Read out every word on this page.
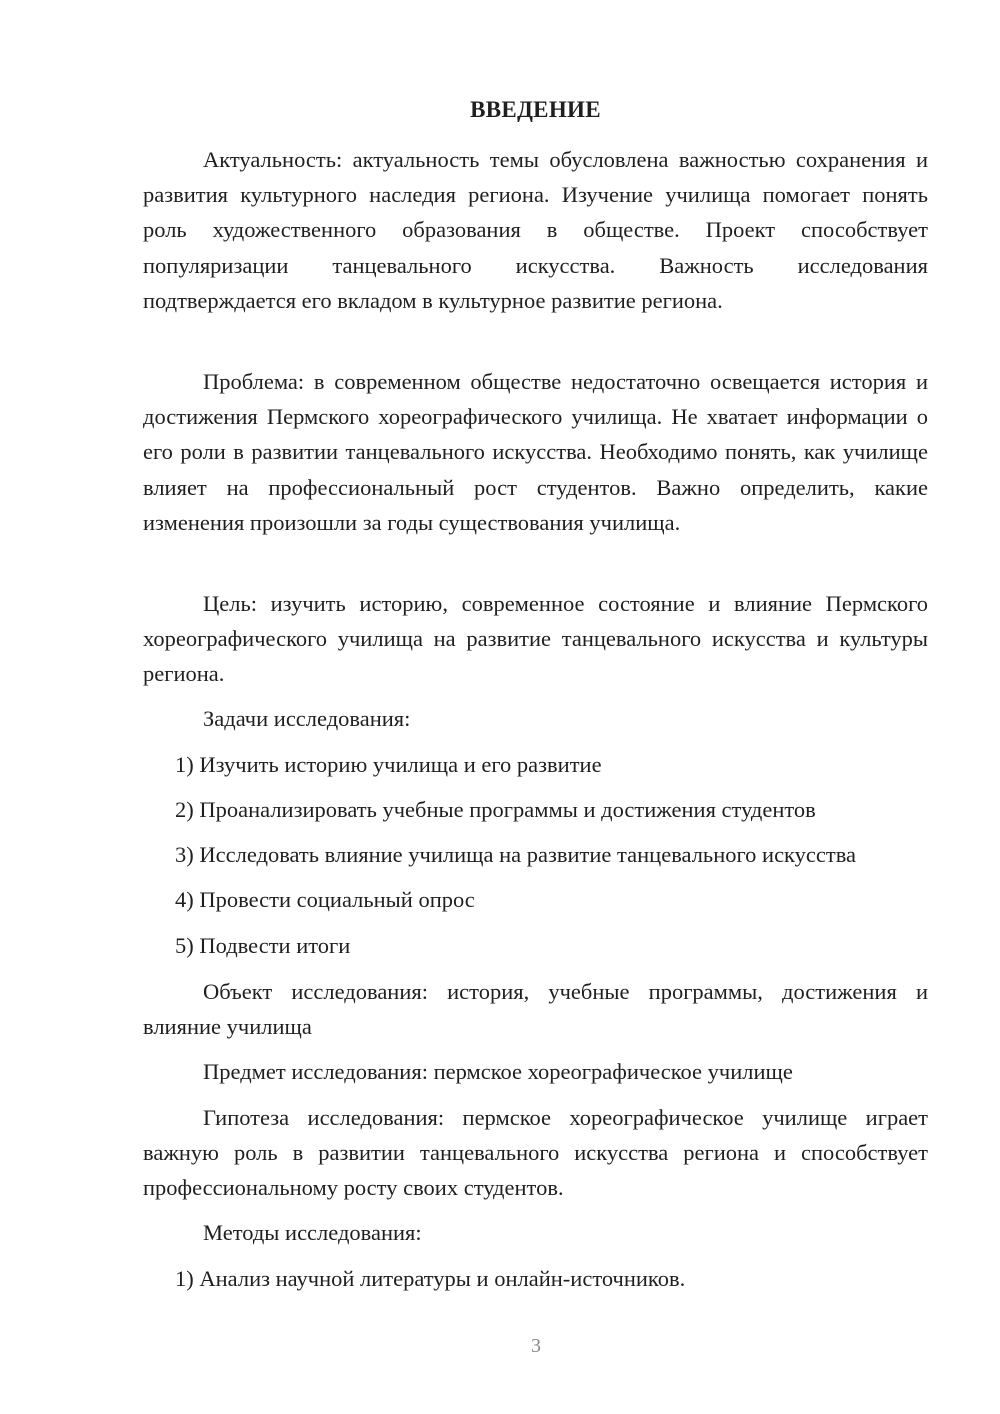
ВВЕДЕНИЕ

Актуальность: актуальность темы обусловлена важностью сохранения и развития культурного наследия региона. Изучение училища помогает понять роль художественного образования в обществе. Проект способствует популяризации танцевального искусства. Важность исследования подтверждается его вкладом в культурное развитие региона.

Проблема: в современном обществе недостаточно освещается история и достижения Пермского хореографического училища. Не хватает информации о его роли в развитии танцевального искусства. Необходимо понять, как училище влияет на профессиональный рост студентов. Важно определить, какие изменения произошли за годы существования училища.

Цель: изучить историю, современное состояние и влияние Пермского хореографического училища на развитие танцевального искусства и культуры региона.

Задачи исследования:

1) Изучить историю училища и его развитие

2) Проанализировать учебные программы и достижения студентов

3) Исследовать влияние училища на развитие танцевального искусства

4) Провести социальный опрос

5) Подвести итоги

Объект исследования: история, учебные программы, достижения и влияние училища

Предмет исследования: пермское хореографическое училище

Гипотеза исследования: пермское хореографическое училище играет важную роль в развитии танцевального искусства региона и способствует профессиональному росту своих студентов.

Методы исследования:

1) Анализ научной литературы и онлайн-источников.

3
